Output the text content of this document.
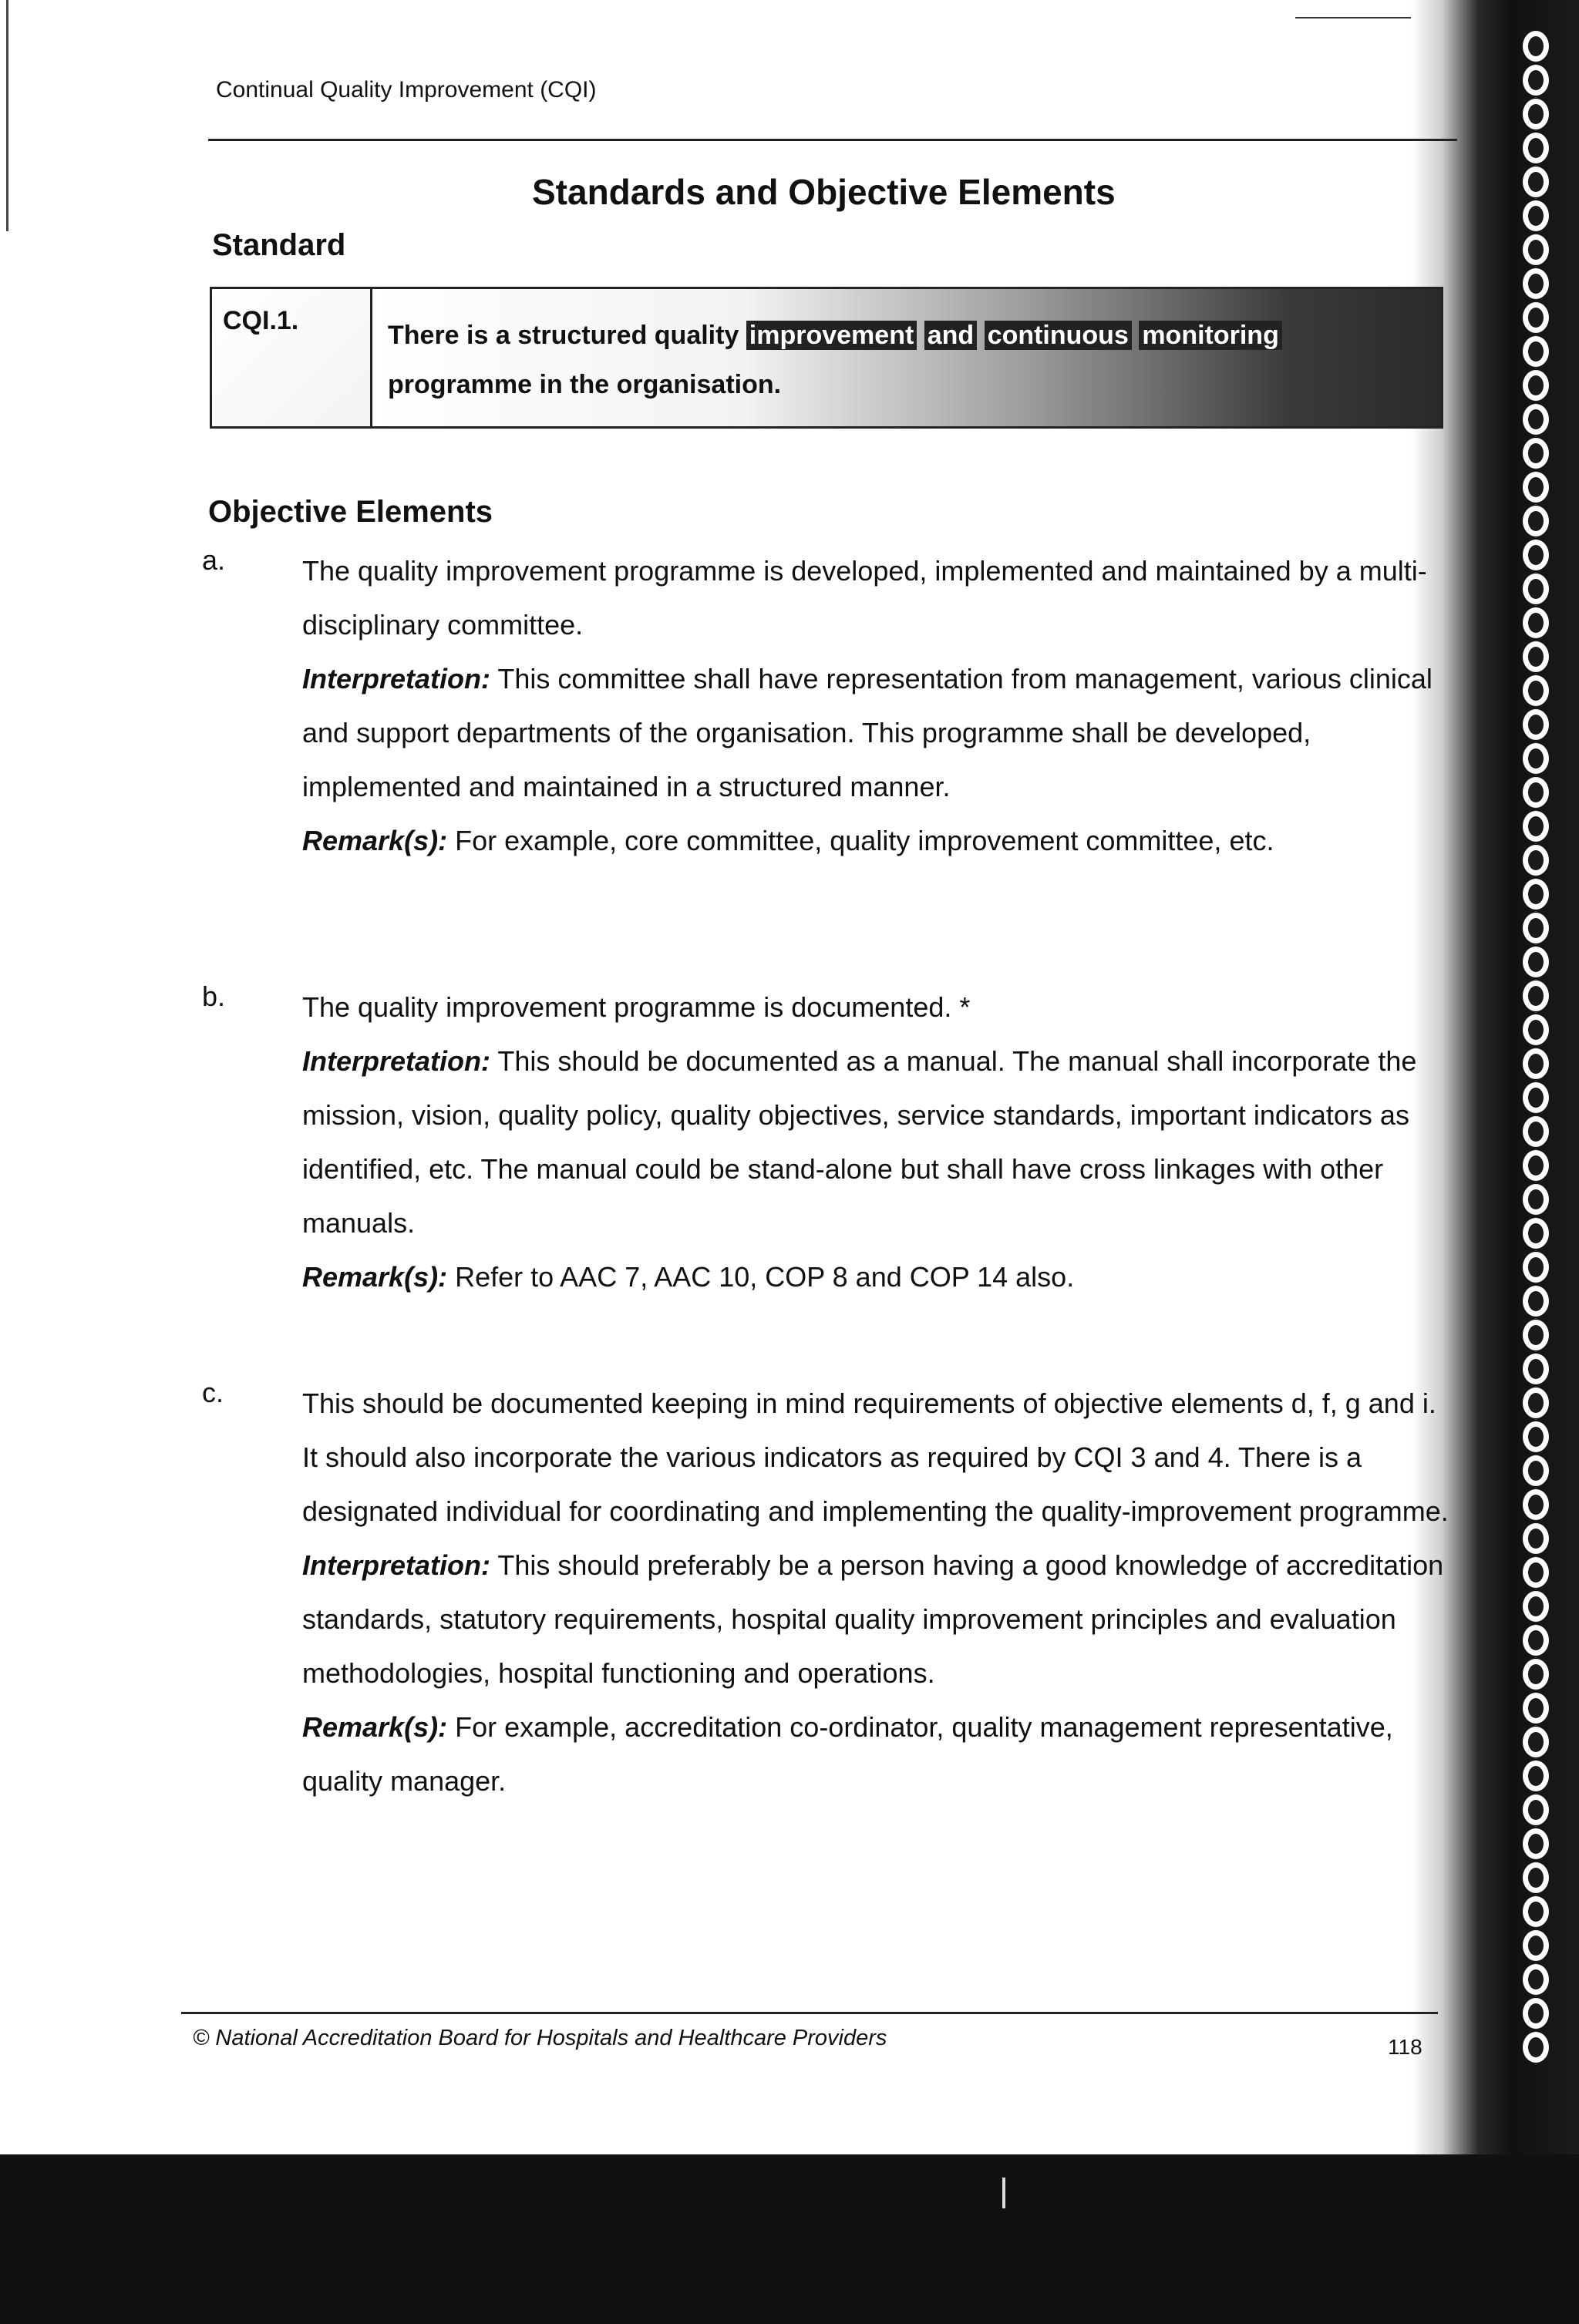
Continual Quality Improvement (CQI)
Standards and Objective Elements
Standard
CQI.1.	There is a structured quality improvement and continuous monitoring
programme in the organisation.
Objective Elements
a.	The quality improvement programme is developed, implemented and maintained by a multi-disciplinary committee.

Interpretation: This committee shall have representation from management, various clinical and support departments of the organisation. This programme shall be developed, implemented and maintained in a structured manner.

Remark(s): For example, core committee, quality improvement committee, etc.

b.	The quality improvement programme is documented. *

Interpretation: This should be documented as a manual. The manual shall incorporate the mission, vision, quality policy, quality objectives, service standards, important indicators as identified, etc. The manual could be stand-alone but shall have cross linkages with other manuals.

Remark(s): Refer to AAC 7, AAC 10, COP 8 and COP 14 also.

c.	This should be documented keeping in mind requirements of objective elements d, f, g and i. It should also incorporate the various indicators as required by CQI 3 and 4. There is a designated individual for coordinating and implementing the quality-improvement programme.

Interpretation: This should preferably be a person having a good knowledge of accreditation standards, statutory requirements, hospital quality improvement principles and evaluation methodologies, hospital functioning and operations.

Remark(s): For example, accreditation co-ordinator, quality management representative, quality manager.

© National Accreditation Board for Hospitals and Healthcare Providers	118
